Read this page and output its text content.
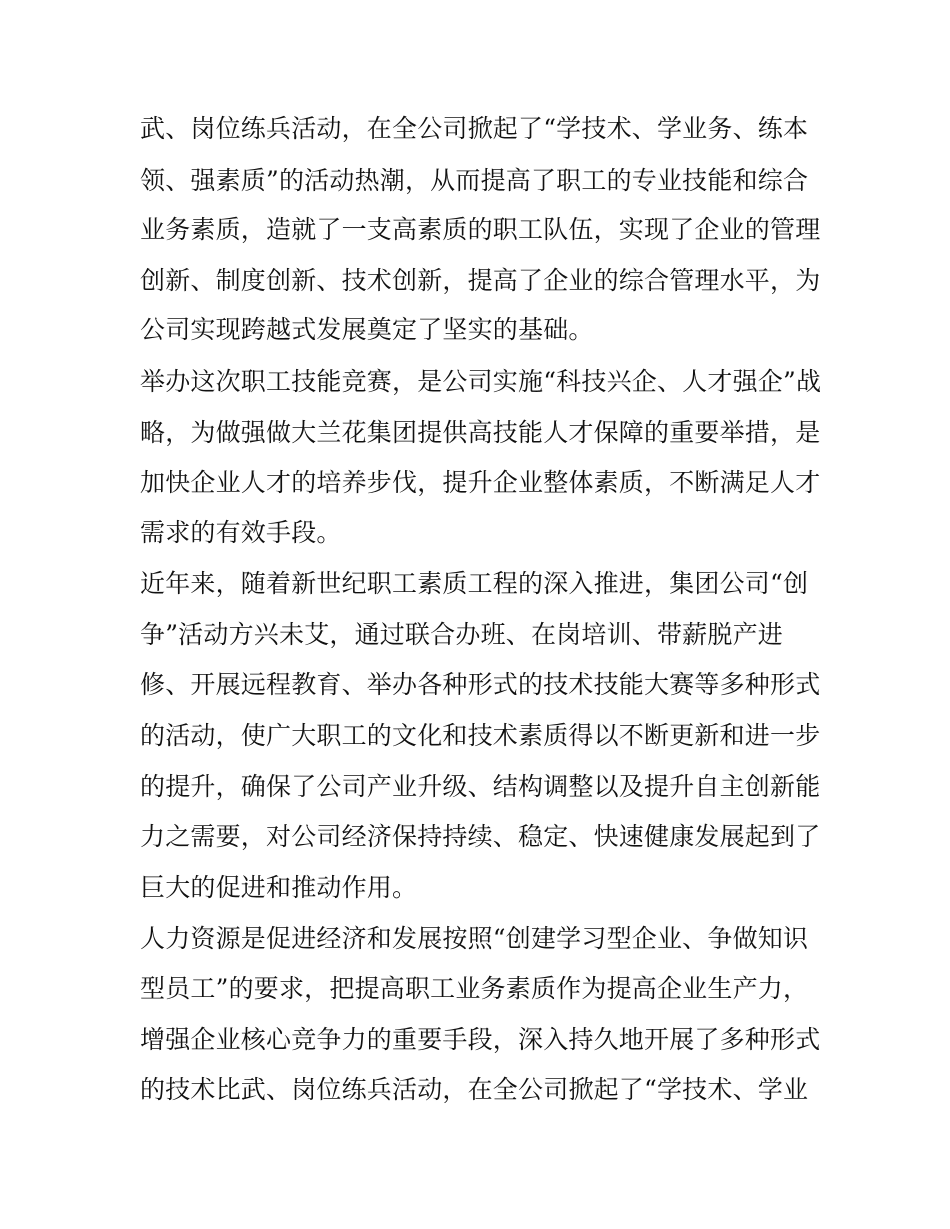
武、岗位练兵活动，在全公司掀起了“学技术、学业务、练本

领、强素质”的活动热潮，从而提高了职工的专业技能和综合

业务素质，造就了一支高素质的职工队伍，实现了企业的管理

创新、制度创新、技术创新，提高了企业的综合管理水平，为

公司实现跨越式发展奠定了坚实的基础。

举办这次职工技能竞赛，是公司实施“科技兴企、人才强企”战

略，为做强做大兰花集团提供高技能人才保障的重要举措，是

加快企业人才的培养步伐，提升企业整体素质，不断满足人才

需求的有效手段。

近年来，随着新世纪职工素质工程的深入推进，集团公司“创

争”活动方兴未艾，通过联合办班、在岗培训、带薪脱产进

修、开展远程教育、举办各种形式的技术技能大赛等多种形式

的活动，使广大职工的文化和技术素质得以不断更新和进一步

的提升，确保了公司产业升级、结构调整以及提升自主创新能

力之需要，对公司经济保持持续、稳定、快速健康发展起到了

巨大的促进和推动作用。

人力资源是促进经济和发展按照“创建学习型企业、争做知识

型员工”的要求，把提高职工业务素质作为提高企业生产力，

增强企业核心竞争力的重要手段，深入持久地开展了多种形式

的技术比武、岗位练兵活动，在全公司掀起了“学技术、学业
